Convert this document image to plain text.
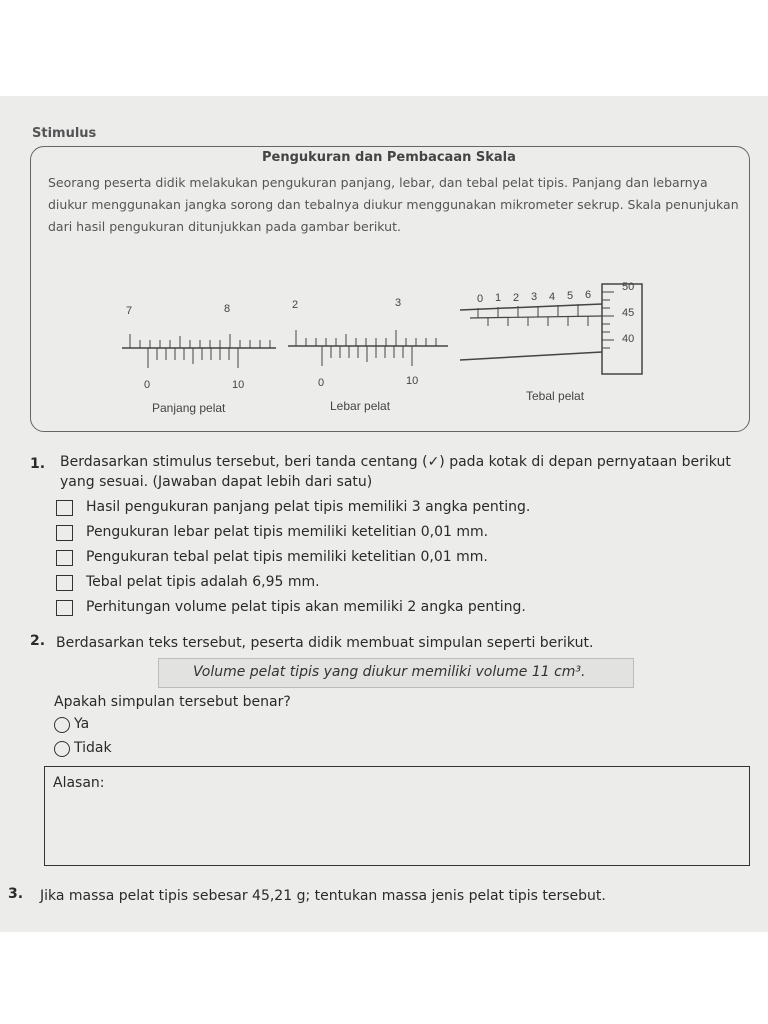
Stimulus
Pengukuran dan Pembacaan Skala
Seorang peserta didik melakukan pengukuran panjang, lebar, dan tebal pelat tipis. Panjang dan lebarnya diukur menggunakan jangka sorong dan tebalnya diukur menggunakan mikrometer sekrup. Skala penunjukan dari hasil pengukuran ditunjukkan pada gambar berikut.
7	8
0	10
Panjang pelat
2	3
0	10
Lebar pelat
0 1 2 3 4 5 6
50
45
40
Tebal pelat
1. Berdasarkan stimulus tersebut, beri tanda centang (✓) pada kotak di depan pernyataan berikut yang sesuai. (Jawaban dapat lebih dari satu)
Hasil pengukuran panjang pelat tipis memiliki 3 angka penting.
Pengukuran lebar pelat tipis memiliki ketelitian 0,01 mm.
Pengukuran tebal pelat tipis memiliki ketelitian 0,01 mm.
Tebal pelat tipis adalah 6,95 mm.
Perhitungan volume pelat tipis akan memiliki 2 angka penting.
2. Berdasarkan teks tersebut, peserta didik membuat simpulan seperti berikut.
Volume pelat tipis yang diukur memiliki volume 11 cm³.
Apakah simpulan tersebut benar?
Ya
Tidak
Alasan:
3. Jika massa pelat tipis sebesar 45,21 g; tentukan massa jenis pelat tipis tersebut.
